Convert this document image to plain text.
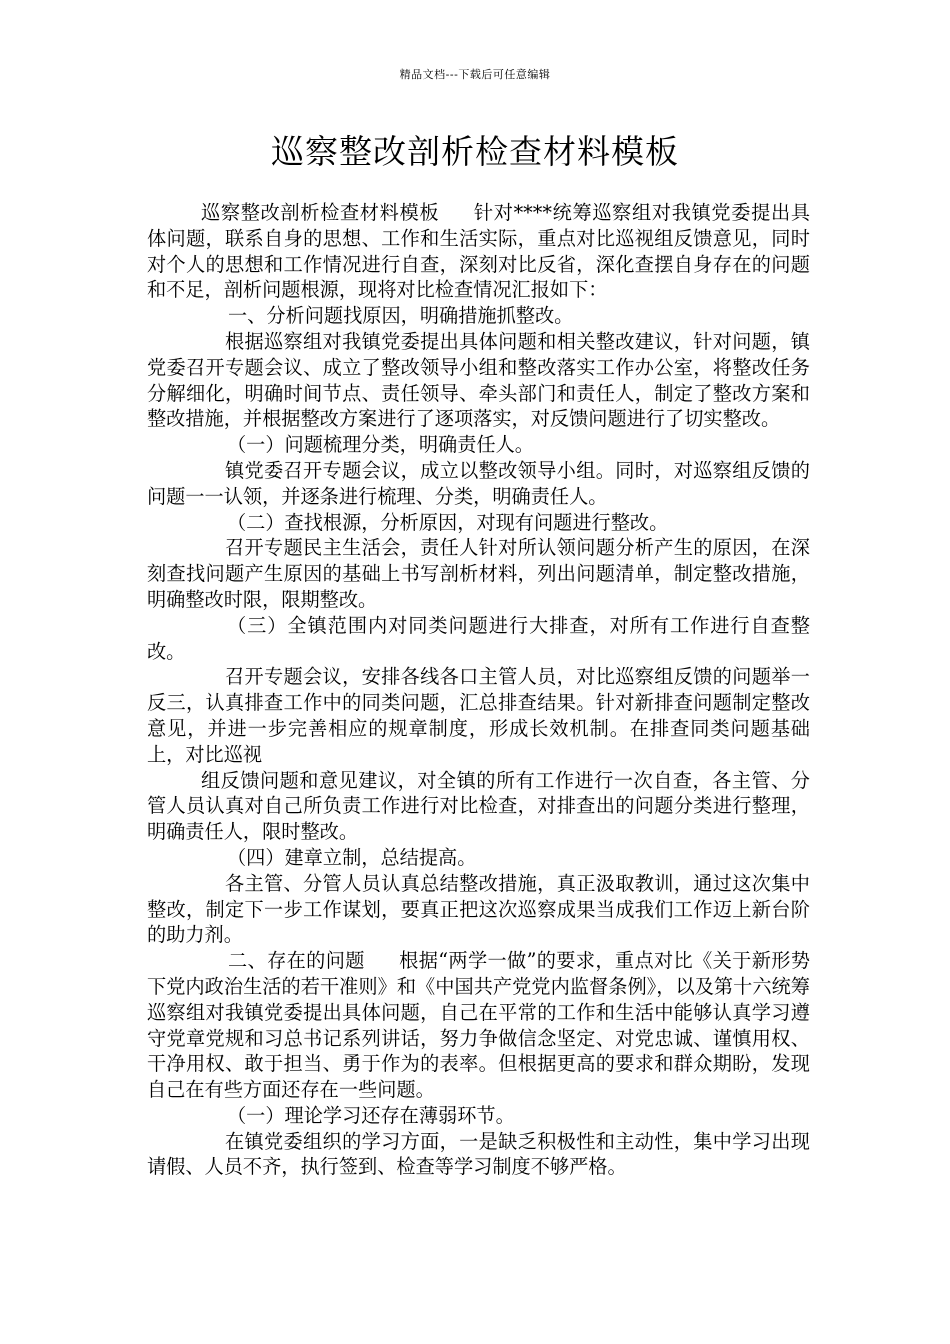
精品文档---下载后可任意编辑
巡察整改剖析检查材料模板

巡察整改剖析检查材料模板 针对****统筹巡察组对我镇党委提出具体问题，联系自身的思想、工作和生活实际，重点对比巡视组反馈意见，同时对个人的思想和工作情况进行自查，深刻对比反省，深化查摆自身存在的问题和不足，剖析问题根源，现将对比检查情况汇报如下：

一、分析问题找原因，明确措施抓整改。

根据巡察组对我镇党委提出具体问题和相关整改建议，针对问题，镇党委召开专题会议、成立了整改领导小组和整改落实工作办公室，将整改任务分解细化，明确时间节点、责任领导、牵头部门和责任人，制定了整改方案和整改措施，并根据整改方案进行了逐项落实，对反馈问题进行了切实整改。

（一）问题梳理分类，明确责任人。

镇党委召开专题会议，成立以整改领导小组。同时，对巡察组反馈的问题一一认领，并逐条进行梳理、分类，明确责任人。

（二）查找根源，分析原因，对现有问题进行整改。

召开专题民主生活会，责任人针对所认领问题分析产生的原因，在深刻查找问题产生原因的基础上书写剖析材料，列出问题清单，制定整改措施，明确整改时限，限期整改。

（三）全镇范围内对同类问题进行大排查，对所有工作进行自查整改。

召开专题会议，安排各线各口主管人员，对比巡察组反馈的问题举一反三，认真排查工作中的同类问题，汇总排查结果。针对新排查问题制定整改意见，并进一步完善相应的规章制度，形成长效机制。在排查同类问题基础上，对比巡视

组反馈问题和意见建议，对全镇的所有工作进行一次自查，各主管、分管人员认真对自己所负责工作进行对比检查，对排查出的问题分类进行整理，明确责任人，限时整改。

（四）建章立制，总结提高。

各主管、分管人员认真总结整改措施，真正汲取教训，通过这次集中整改，制定下一步工作谋划，要真正把这次巡察成果当成我们工作迈上新台阶的助力剂。

二、存在的问题 根据“两学一做”的要求，重点对比《关于新形势下党内政治生活的若干准则》和《中国共产党党内监督条例》，以及第十六统筹巡察组对我镇党委提出具体问题，自己在平常的工作和生活中能够认真学习遵守党章党规和习总书记系列讲话，努力争做信念坚定、对党忠诚、谨慎用权、干净用权、敢于担当、勇于作为的表率。但根据更高的要求和群众期盼，发现自己在有些方面还存在一些问题。

（一）理论学习还存在薄弱环节。

在镇党委组织的学习方面，一是缺乏积极性和主动性，集中学习出现请假、人员不齐，执行签到、检查等学习制度不够严格。
